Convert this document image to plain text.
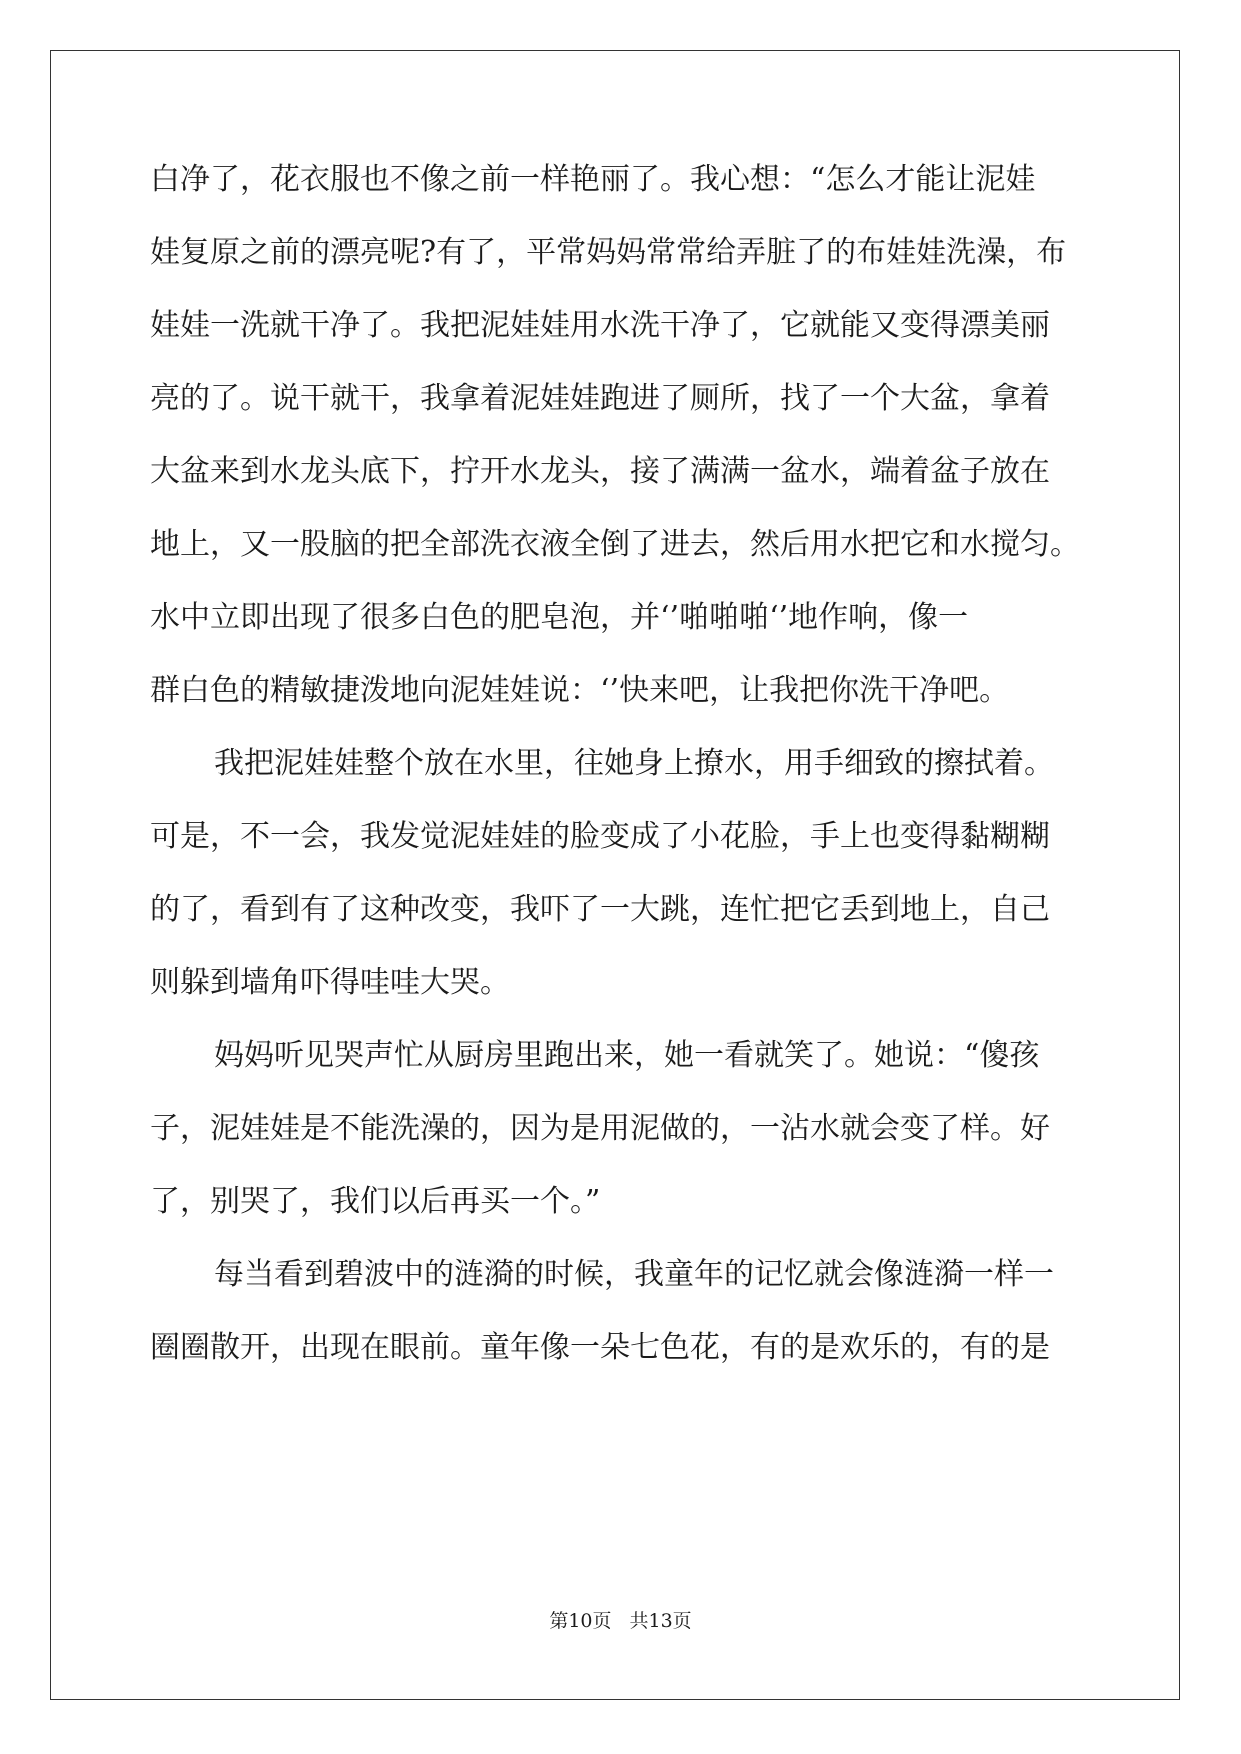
白净了，花衣服也不像之前一样艳丽了。我心想：“怎么才能让泥娃
娃复原之前的漂亮呢?有了，平常妈妈常常给弄脏了的布娃娃洗澡，布
娃娃一洗就干净了。我把泥娃娃用水洗干净了，它就能又变得漂美丽
亮的了。说干就干，我拿着泥娃娃跑进了厕所，找了一个大盆，拿着
大盆来到水龙头底下，拧开水龙头，接了满满一盆水，端着盆子放在
地上，又一股脑的把全部洗衣液全倒了进去，然后用水把它和水搅匀。
水中立即出现了很多白色的肥皂泡，并‘’啪啪啪‘’地作响，像一
群白色的精敏捷泼地向泥娃娃说：‘’快来吧，让我把你洗干净吧。
我把泥娃娃整个放在水里，往她身上撩水，用手细致的擦拭着。
可是，不一会，我发觉泥娃娃的脸变成了小花脸，手上也变得黏糊糊
的了，看到有了这种改变，我吓了一大跳，连忙把它丢到地上，自己
则躲到墙角吓得哇哇大哭。
妈妈听见哭声忙从厨房里跑出来，她一看就笑了。她说：“傻孩
子，泥娃娃是不能洗澡的，因为是用泥做的，一沾水就会变了样。好
了，别哭了，我们以后再买一个。”
每当看到碧波中的涟漪的时候，我童年的记忆就会像涟漪一样一
圈圈散开，出现在眼前。童年像一朵七色花，有的是欢乐的，有的是
第10页 共13页
